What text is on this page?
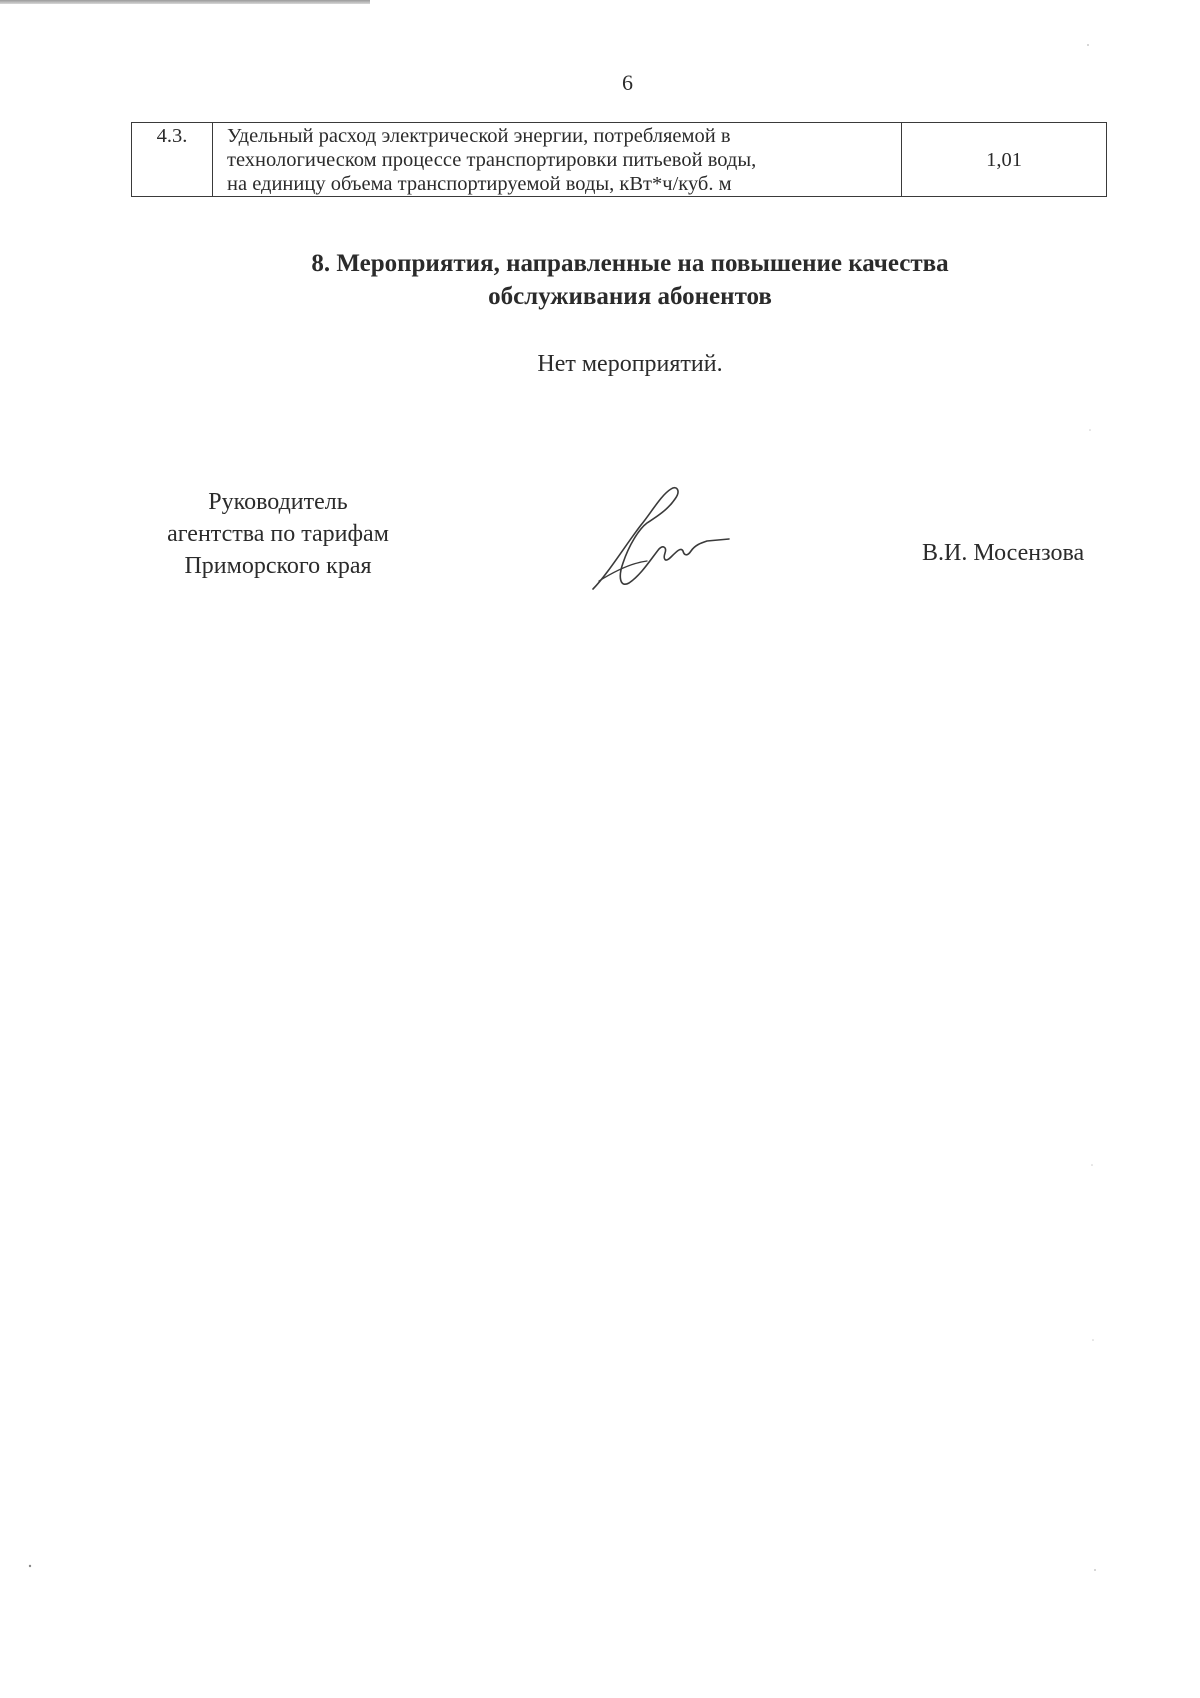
6
4.3.	Удельный расход электрической энергии, потребляемой в
технологическом процессе транспортировки питьевой воды,
на единицу объема транспортируемой воды, кВт*ч/куб. м
	1,01
8. Мероприятия, направленные на повышение качества
обслуживания абонентов
Нет мероприятий.
Руководитель
агентства по тарифам
Приморского края	В.И. Мосензова
